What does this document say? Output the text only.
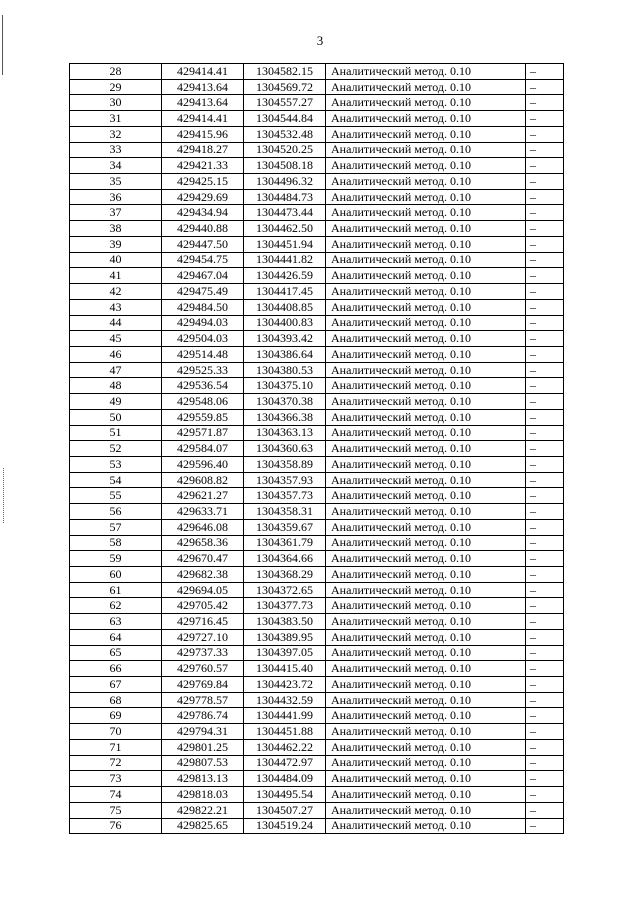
3
28	429414.41	1304582.15	Аналитический метод. 0.10	–
29	429413.64	1304569.72	Аналитический метод. 0.10	–
30	429413.64	1304557.27	Аналитический метод. 0.10	–
31	429414.41	1304544.84	Аналитический метод. 0.10	–
32	429415.96	1304532.48	Аналитический метод. 0.10	–
33	429418.27	1304520.25	Аналитический метод. 0.10	–
34	429421.33	1304508.18	Аналитический метод. 0.10	–
35	429425.15	1304496.32	Аналитический метод. 0.10	–
36	429429.69	1304484.73	Аналитический метод. 0.10	–
37	429434.94	1304473.44	Аналитический метод. 0.10	–
38	429440.88	1304462.50	Аналитический метод. 0.10	–
39	429447.50	1304451.94	Аналитический метод. 0.10	–
40	429454.75	1304441.82	Аналитический метод. 0.10	–
41	429467.04	1304426.59	Аналитический метод. 0.10	–
42	429475.49	1304417.45	Аналитический метод. 0.10	–
43	429484.50	1304408.85	Аналитический метод. 0.10	–
44	429494.03	1304400.83	Аналитический метод. 0.10	–
45	429504.03	1304393.42	Аналитический метод. 0.10	–
46	429514.48	1304386.64	Аналитический метод. 0.10	–
47	429525.33	1304380.53	Аналитический метод. 0.10	–
48	429536.54	1304375.10	Аналитический метод. 0.10	–
49	429548.06	1304370.38	Аналитический метод. 0.10	–
50	429559.85	1304366.38	Аналитический метод. 0.10	–
51	429571.87	1304363.13	Аналитический метод. 0.10	–
52	429584.07	1304360.63	Аналитический метод. 0.10	–
53	429596.40	1304358.89	Аналитический метод. 0.10	–
54	429608.82	1304357.93	Аналитический метод. 0.10	–
55	429621.27	1304357.73	Аналитический метод. 0.10	–
56	429633.71	1304358.31	Аналитический метод. 0.10	–
57	429646.08	1304359.67	Аналитический метод. 0.10	–
58	429658.36	1304361.79	Аналитический метод. 0.10	–
59	429670.47	1304364.66	Аналитический метод. 0.10	–
60	429682.38	1304368.29	Аналитический метод. 0.10	–
61	429694.05	1304372.65	Аналитический метод. 0.10	–
62	429705.42	1304377.73	Аналитический метод. 0.10	–
63	429716.45	1304383.50	Аналитический метод. 0.10	–
64	429727.10	1304389.95	Аналитический метод. 0.10	–
65	429737.33	1304397.05	Аналитический метод. 0.10	–
66	429760.57	1304415.40	Аналитический метод. 0.10	–
67	429769.84	1304423.72	Аналитический метод. 0.10	–
68	429778.57	1304432.59	Аналитический метод. 0.10	–
69	429786.74	1304441.99	Аналитический метод. 0.10	–
70	429794.31	1304451.88	Аналитический метод. 0.10	–
71	429801.25	1304462.22	Аналитический метод. 0.10	–
72	429807.53	1304472.97	Аналитический метод. 0.10	–
73	429813.13	1304484.09	Аналитический метод. 0.10	–
74	429818.03	1304495.54	Аналитический метод. 0.10	–
75	429822.21	1304507.27	Аналитический метод. 0.10	–
76	429825.65	1304519.24	Аналитический метод. 0.10	–
